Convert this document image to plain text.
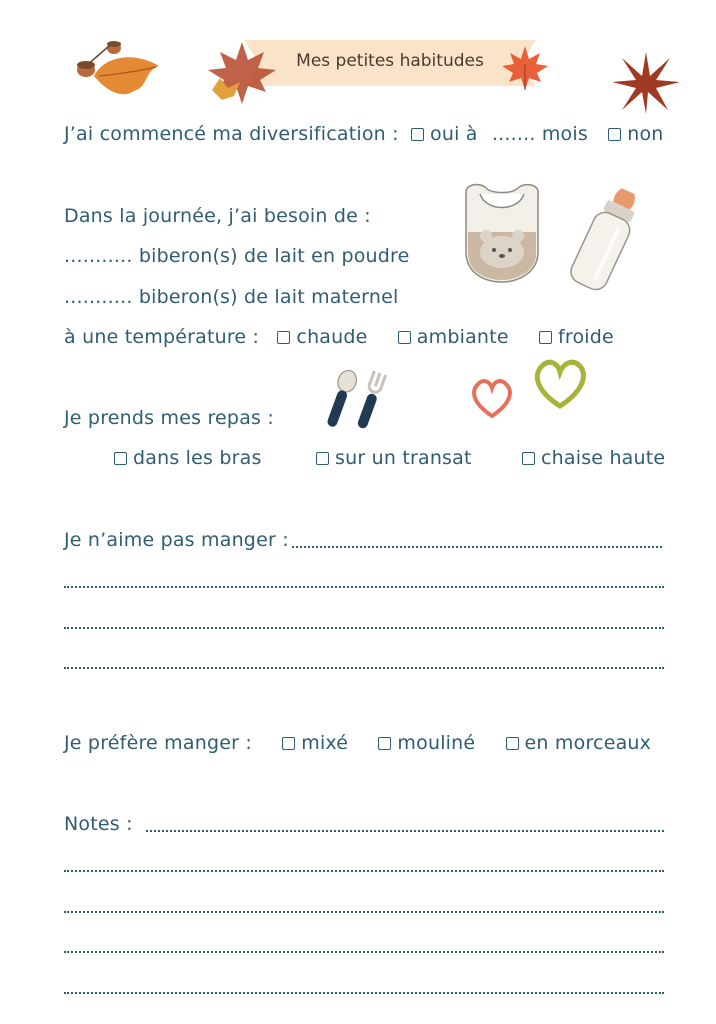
Mes petites habitudes
J’ai commencé ma diversification : oui à ....... mois non
Dans la journée, j’ai besoin de :
........... biberon(s) de lait en poudre
........... biberon(s) de lait maternel
à une température : chaude	ambiante	froide
Je prends mes repas :
dans les bras	sur un transat	chaise haute
Je n’aime pas manger :
Je préfère manger :	mixé	mouliné	en morceaux
Notes :
